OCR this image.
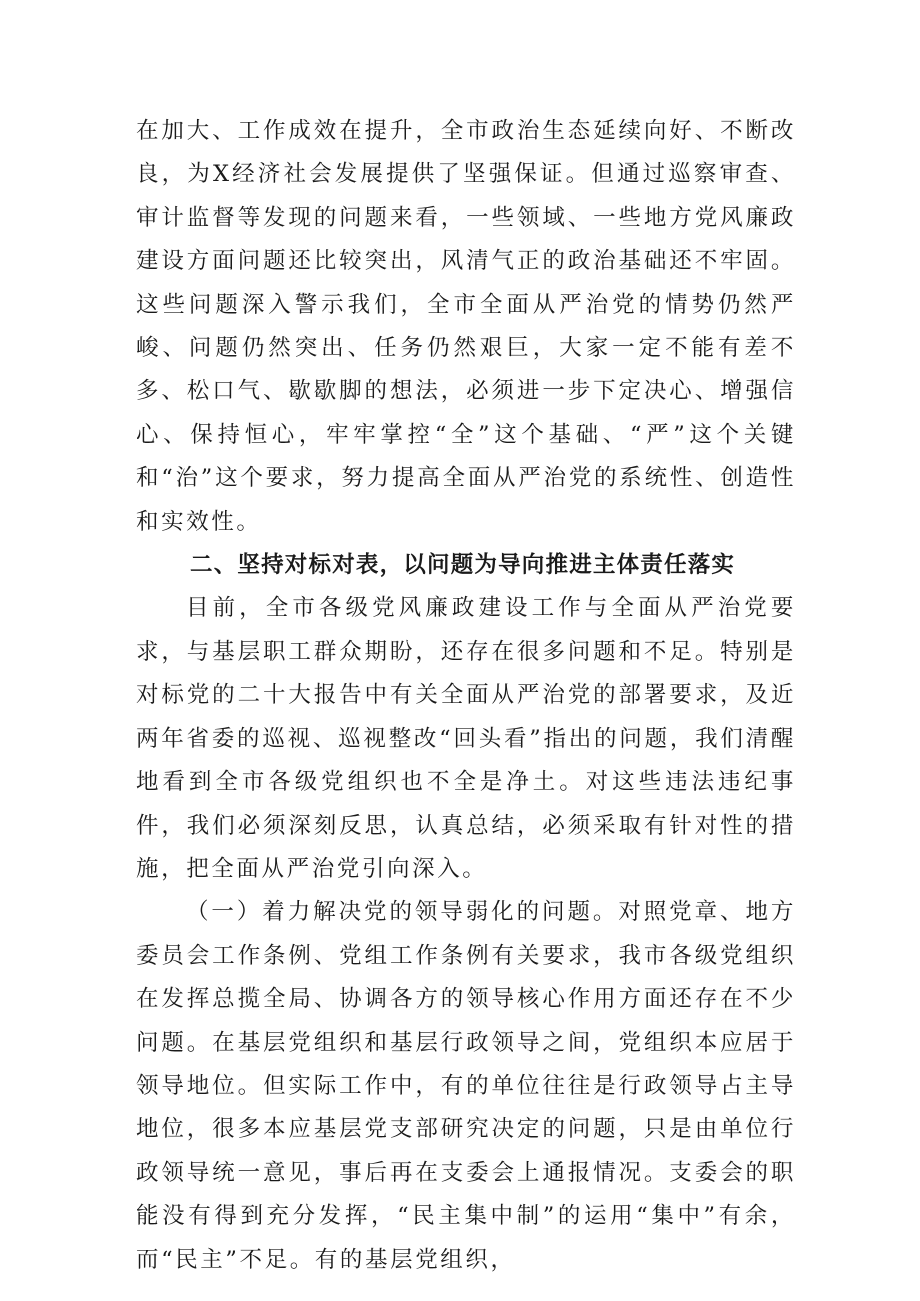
在加大、工作成效在提升，全市政治生态延续向好、不断改良，为X经济社会发展提供了坚强保证。但通过巡察审查、审计监督等发现的问题来看，一些领域、一些地方党风廉政建设方面问题还比较突出，风清气正的政治基础还不牢固。这些问题深入警示我们，全市全面从严治党的情势仍然严峻、问题仍然突出、任务仍然艰巨，大家一定不能有差不多、松口气、歇歇脚的想法，必须进一步下定决心、增强信心、保持恒心，牢牢掌控“全”这个基础、“严”这个关键和“治”这个要求，努力提高全面从严治党的系统性、创造性和实效性。

二、坚持对标对表，以问题为导向推进主体责任落实

目前，全市各级党风廉政建设工作与全面从严治党要求，与基层职工群众期盼，还存在很多问题和不足。特别是对标党的二十大报告中有关全面从严治党的部署要求，及近两年省委的巡视、巡视整改“回头看”指出的问题，我们清醒地看到全市各级党组织也不全是净土。对这些违法违纪事件，我们必须深刻反思，认真总结，必须采取有针对性的措施，把全面从严治党引向深入。

（一）着力解决党的领导弱化的问题。对照党章、地方委员会工作条例、党组工作条例有关要求，我市各级党组织在发挥总揽全局、协调各方的领导核心作用方面还存在不少问题。在基层党组织和基层行政领导之间，党组织本应居于领导地位。但实际工作中，有的单位往往是行政领导占主导地位，很多本应基层党支部研究决定的问题，只是由单位行政领导统一意见，事后再在支委会上通报情况。支委会的职能没有得到充分发挥，“民主集中制”的运用“集中”有余，而“民主”不足。有的基层党组织，
